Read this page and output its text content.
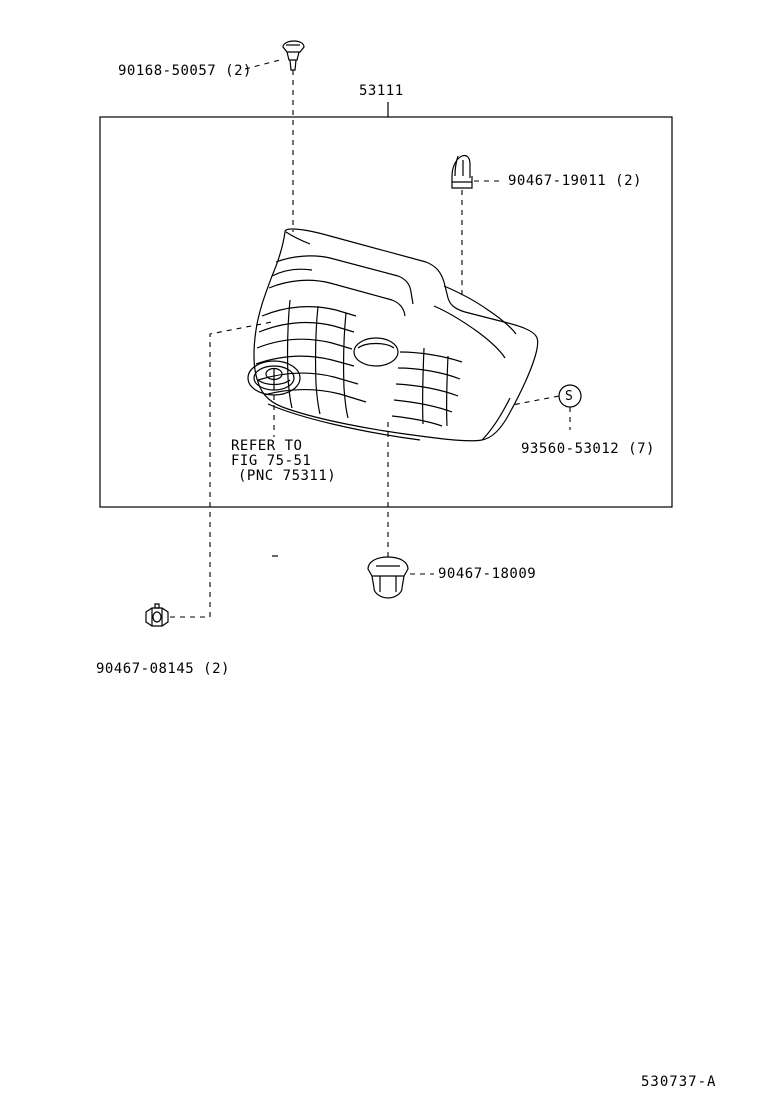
90168-50057 (2)
53111
90467-19011 (2)
93560-53012 (7)
REFER TO
FIG 75-51
(PNC 75311)
90467-18009
90467-08145 (2)
S
530737-A
